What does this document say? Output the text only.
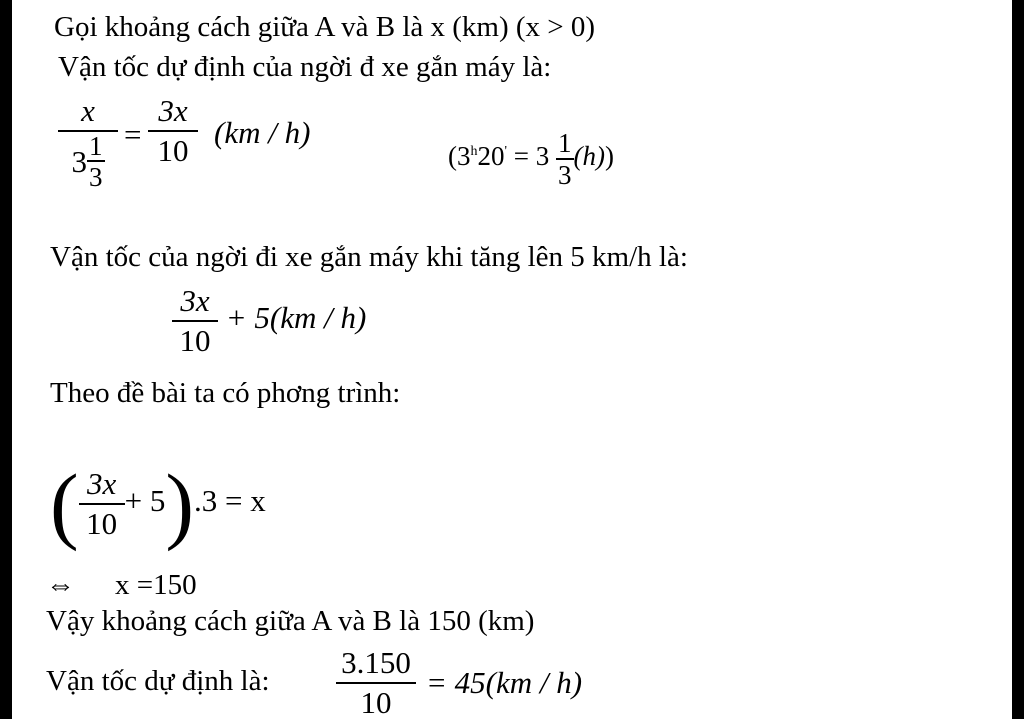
Gọi khoảng cách giữa A và B là x (km) (x > 0)
Vận tốc dự định của ngời đ xe gắn máy là:
$\frac{x}{3 \frac{1}{3}}$ =
3x
10
(km / h)
$(3^h20' = 3 \frac{1}{3} (h))$
Vận tốc của ngời đi xe gắn máy khi tăng lên 5 km/h là:
$\frac{3x}{10} + 5(km / h)$
Theo đề bài ta có phơng trình:
( $\frac{3x}{10} + 5).3 = x$
⇔ x =150
Vậy khoảng cách giữa A và B là 150 (km)
Vận tốc dự định là:
3.150
10
= 45(km / h)
